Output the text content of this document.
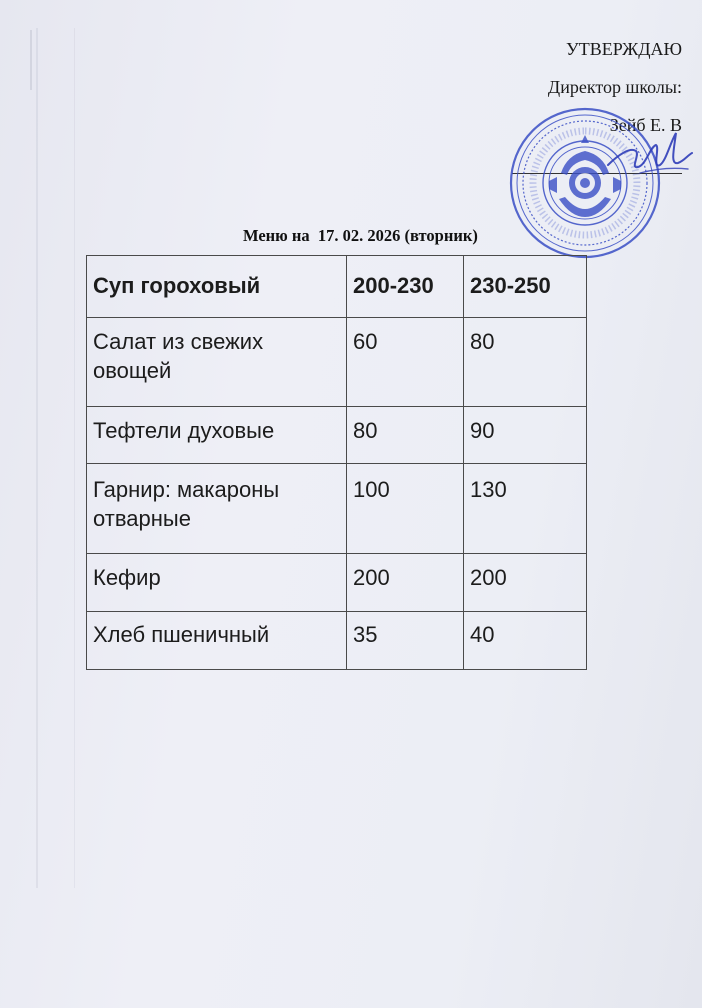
УТВЕРЖДАЮ
Директор школы:
Зейб Е. В
Меню на  17. 02. 2026 (вторник)
Суп гороховый	200-230	230-250
Салат из свежих овощей	60	80
Тефтели духовые	80	90
Гарнир: макароны отварные	100	130
Кефир	200	200
Хлеб пшеничный	35	40
